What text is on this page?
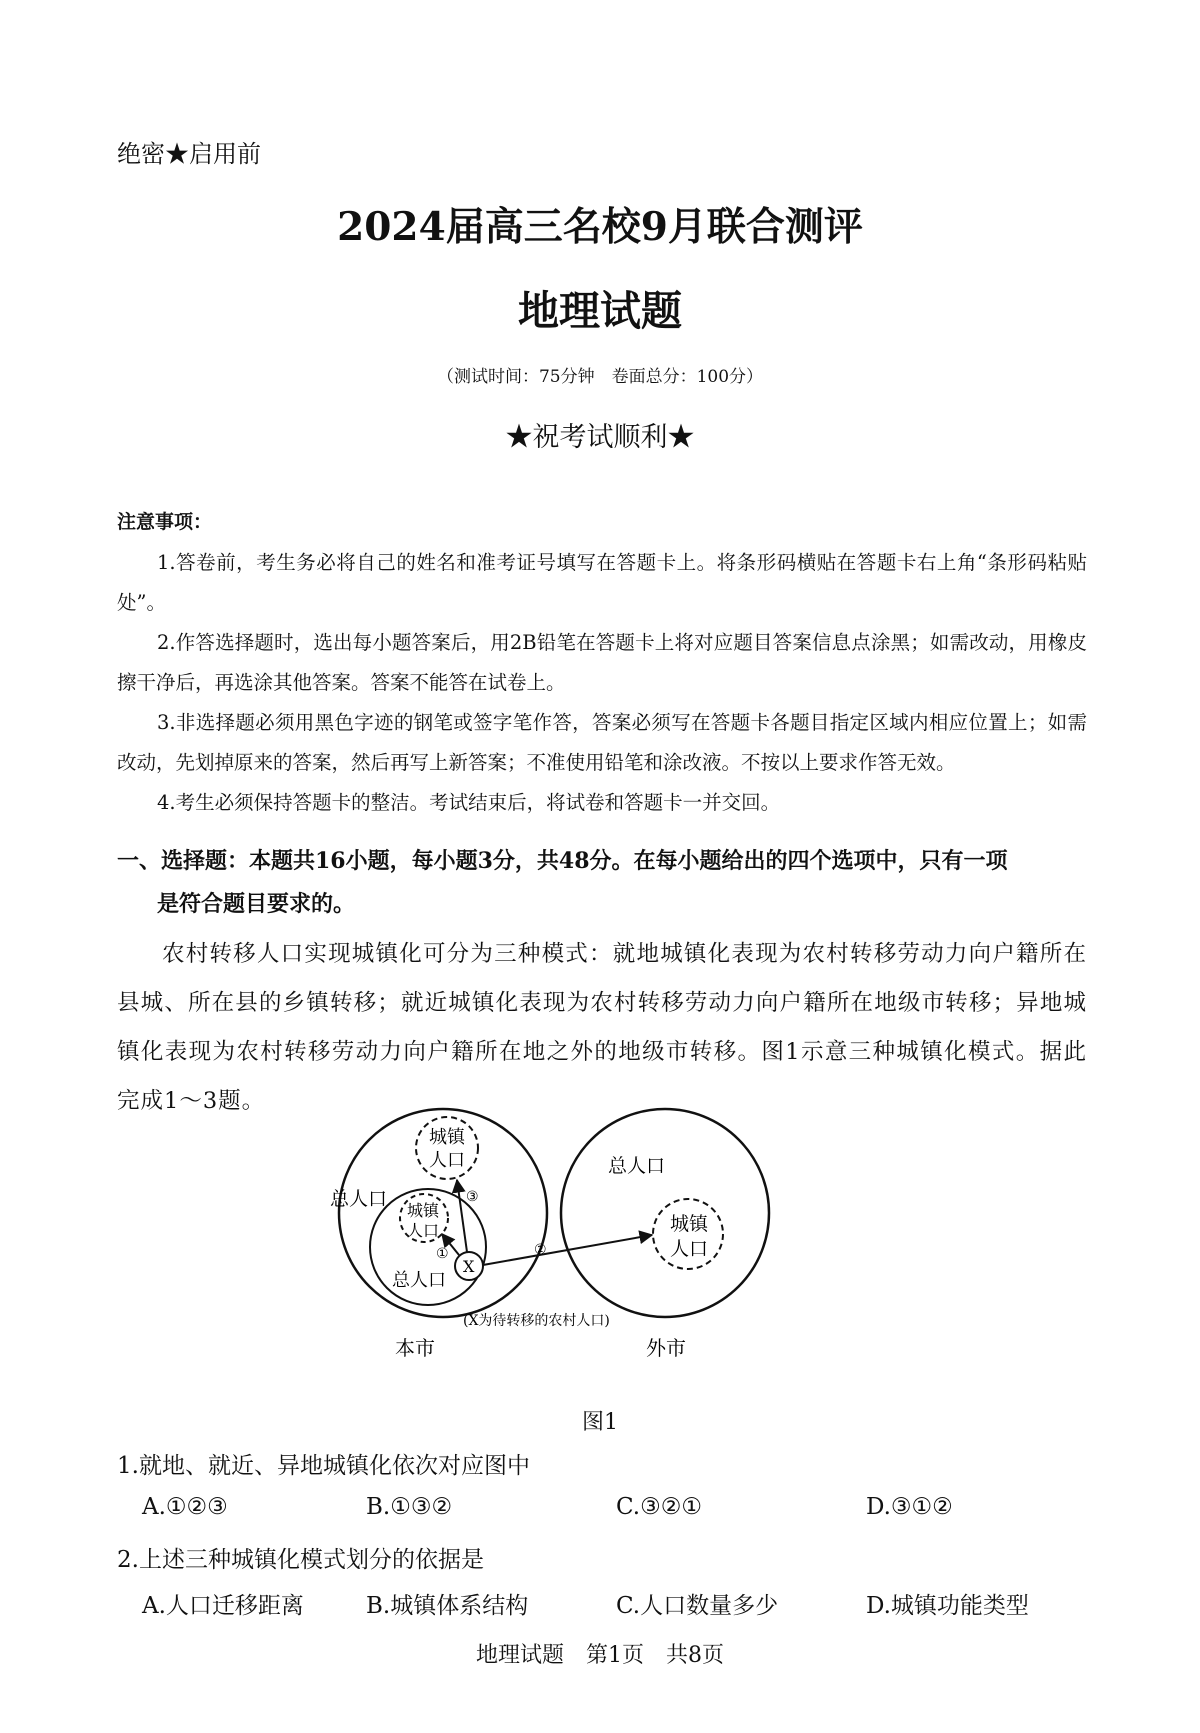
绝密★启用前
2024届高三名校9月联合测评
地理试题
（测试时间：75分钟　卷面总分：100分）
★祝考试顺利★
注意事项：

1.答卷前，考生务必将自己的姓名和准考证号填写在答题卡上。将条形码横贴在答题卡右上角“条形码粘贴处”。

2.作答选择题时，选出每小题答案后，用2B铅笔在答题卡上将对应题目答案信息点涂黑；如需改动，用橡皮擦干净后，再选涂其他答案。答案不能答在试卷上。

3.非选择题必须用黑色字迹的钢笔或签字笔作答，答案必须写在答题卡各题目指定区域内相应位置上；如需改动，先划掉原来的答案，然后再写上新答案；不准使用铅笔和涂改液。不按以上要求作答无效。

4.考生必须保持答题卡的整洁。考试结束后，将试卷和答题卡一并交回。

一、选择题：本题共16小题，每小题3分，共48分。在每小题给出的四个选项中，只有一项
是符合题目要求的。

农村转移人口实现城镇化可分为三种模式：就地城镇化表现为农村转移劳动力向户籍所在县城、所在县的乡镇转移；就近城镇化表现为农村转移劳动力向户籍所在地级市转移；异地城镇化表现为农村转移劳动力向户籍所在地之外的地级市转移。图1示意三种城镇化模式。据此完成1～3题。

总人口
城镇
人口
城镇
人口
总人口
X
①
③
②
总人口
城镇
人口
(X为待转移的农村人口)
本市	外市
图1
1.就地、就近、异地城镇化依次对应图中
A.①②③	B.①③②	C.③②①	D.③①②
2.上述三种城镇化模式划分的依据是
A.人口迁移距离	B.城镇体系结构	C.人口数量多少	D.城镇功能类型
地理试题　第1页　共8页
